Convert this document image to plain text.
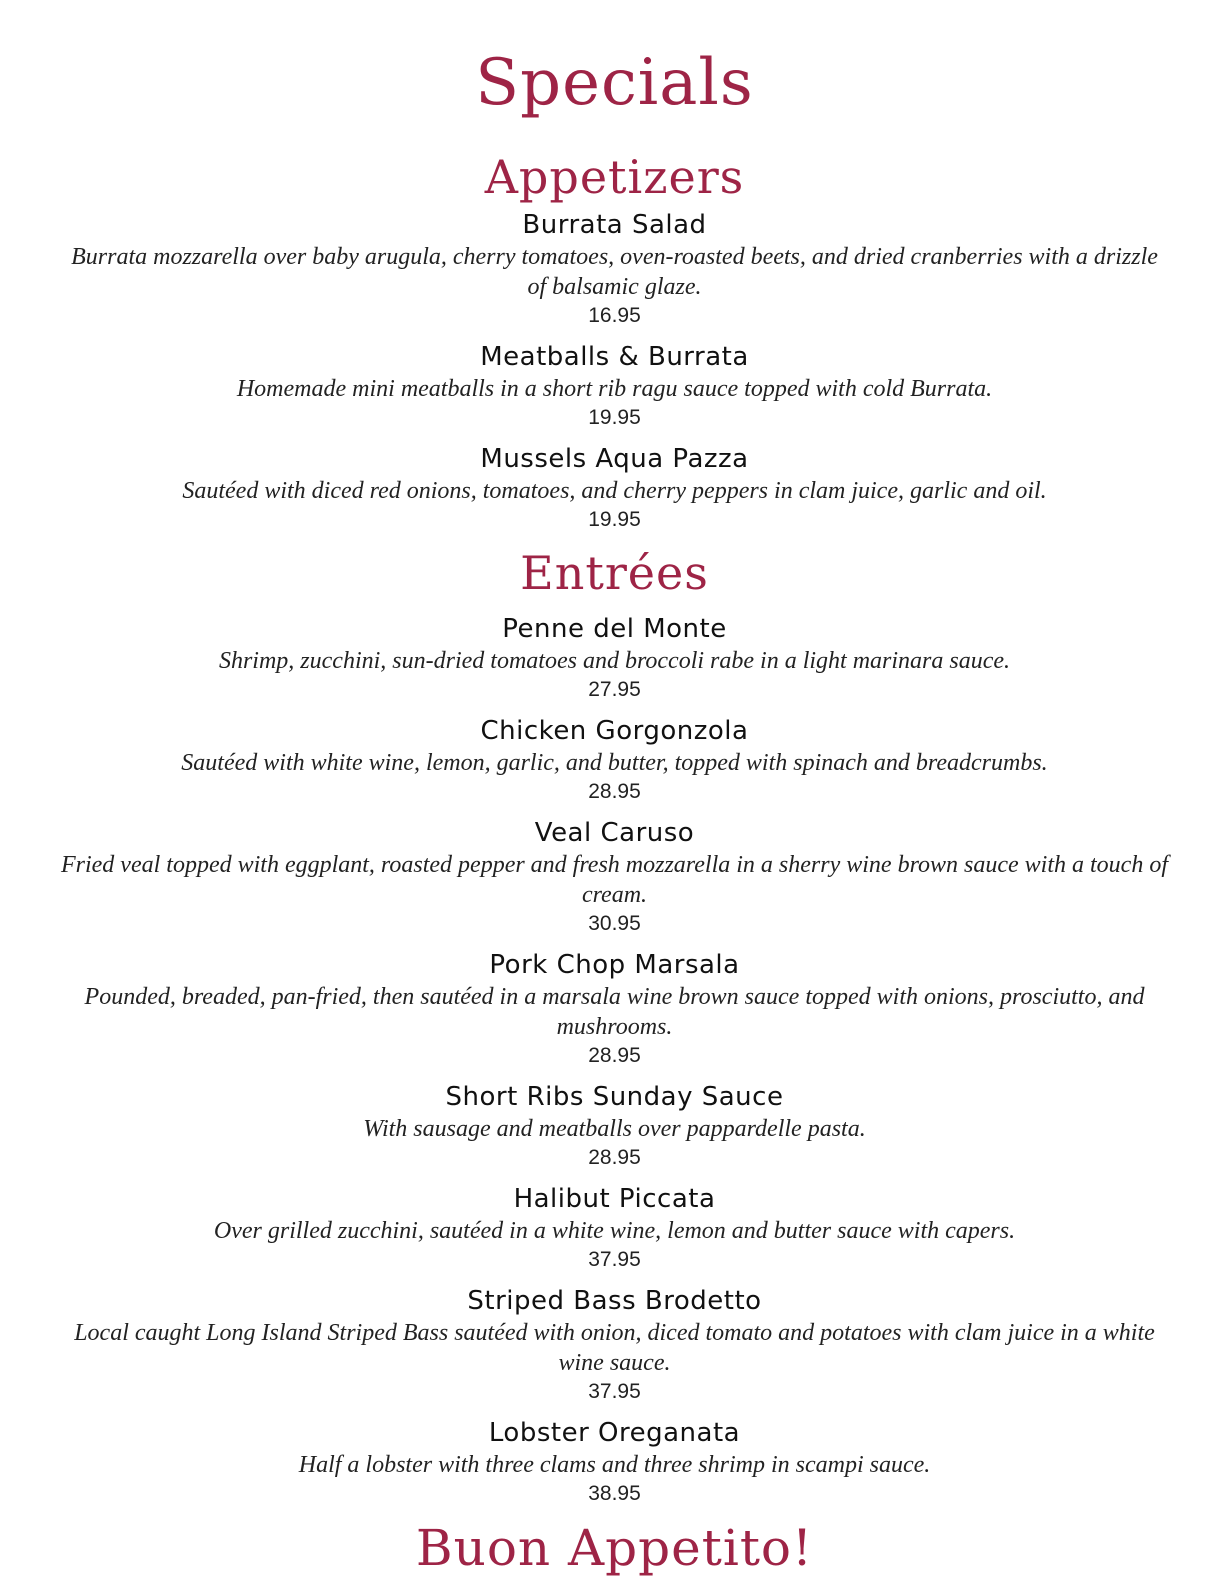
Specials
Appetizers
Burrata Salad
Burrata mozzarella over baby arugula, cherry tomatoes, oven-roasted beets, and dried cranberries with a drizzle of balsamic glaze.
16.95
Meatballs & Burrata
Homemade mini meatballs in a short rib ragu sauce topped with cold Burrata.
19.95
Mussels Aqua Pazza
Sautéed with diced red onions, tomatoes, and cherry peppers in clam juice, garlic and oil.
19.95
Entrées
Penne del Monte
Shrimp, zucchini, sun-dried tomatoes and broccoli rabe in a light marinara sauce.
27.95
Chicken Gorgonzola
Sautéed with white wine, lemon, garlic, and butter, topped with spinach and breadcrumbs.
28.95
Veal Caruso
Fried veal topped with eggplant, roasted pepper and fresh mozzarella in a sherry wine brown sauce with a touch of cream.
30.95
Pork Chop Marsala
Pounded, breaded, pan-fried, then sautéed in a marsala wine brown sauce topped with onions, prosciutto, and mushrooms.
28.95
Short Ribs Sunday Sauce
With sausage and meatballs over pappardelle pasta.
28.95
Halibut Piccata
Over grilled zucchini, sautéed in a white wine, lemon and butter sauce with capers.
37.95
Striped Bass Brodetto
Local caught Long Island Striped Bass sautéed with onion, diced tomato and potatoes with clam juice in a white wine sauce.
37.95
Lobster Oreganata
Half a lobster with three clams and three shrimp in scampi sauce.
38.95
Buon Appetito!
